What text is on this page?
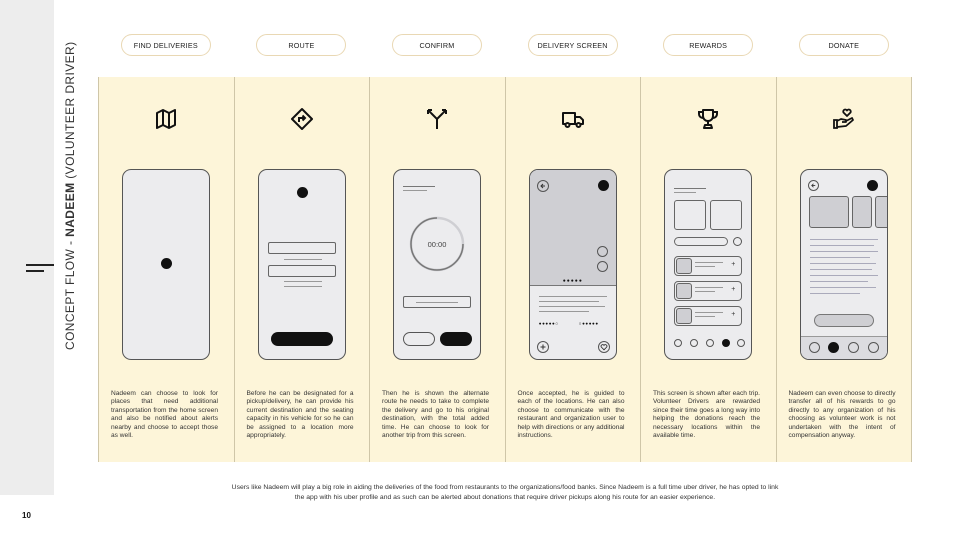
10
CONCEPT FLOW - NADEEM (VOLUNTEER DRIVER)	FIND DELIVERIES	ROUTE	CONFIRM	DELIVERY SCREEN	REWARDS	DONATE
Nadeem can choose to look for places that need additional transportation from the home screen and also be notified about alerts nearby and choose to accept those as well.
Before he can be designated for a pickup/delivery, he can provide his current destination and the seating capacity in his vehicle for so he can be assigned to a location more appropriately.
00:00
Then he is shown the alternate route he needs to take to complete the delivery and go to his original destination, with the total added time. He can choose to look for another trip from this screen.
●●●●●
●●●●●○	○●●●●●
Once accepted, he is guided to each of the locations. He can also choose to communicate with the restaurant and organization user to help with directions or any additional instructions.
+
+
+
This screen is shown after each trip. Volunteer Drivers are rewarded since their time goes a long way into helping the donations reach the necessary locations within the available time.
Nadeem can even choose to directly transfer all of his rewards to go directly to any organization of his choosing as volunteer work is not undertaken with the intent of compensation anyway.
Users like Nadeem will play a big role in aiding the deliveries of the food from restaurants to the organizations/food banks. Since Nadeem is a full time uber driver, he has opted to link the app with his uber profile and as such can be alerted about donations that require driver pickups along his route for an easier experience.
